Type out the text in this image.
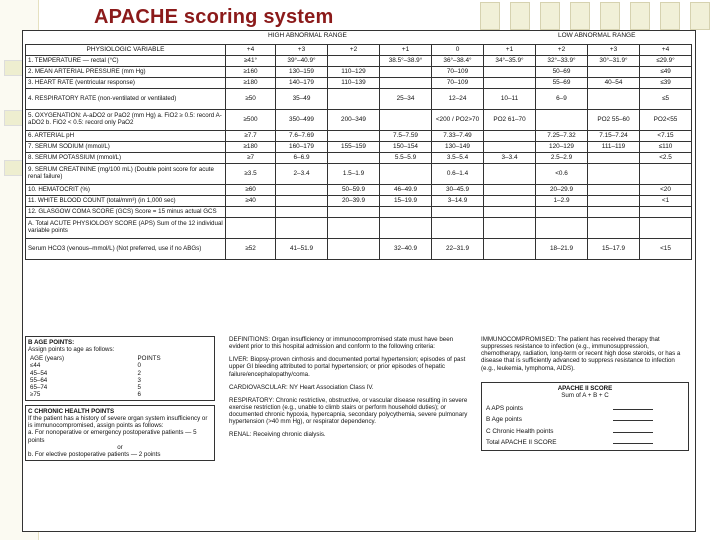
APACHE scoring system
HIGH ABNORMAL RANGE	LOW ABNORMAL RANGE
PHYSIOLOGIC VARIABLE	+4	+3	+2	+1	0	+1	+2	+3	+4
1. TEMPERATURE — rectal (°C)	≥41°	39°–40.9°		38.5°–38.9°	36°–38.4°	34°–35.9°	32°–33.9°	30°–31.9°	≤29.9°
2. MEAN ARTERIAL PRESSURE (mm Hg)	≥160	130–159	110–129		70–109		50–69		≤49
3. HEART RATE (ventricular response)	≥180	140–179	110–139		70–109		55–69	40–54	≤39
4. RESPIRATORY RATE (non-ventilated or ventilated)	≥50	35–49		25–34	12–24	10–11	6–9		≤5
5. OXYGENATION: A-aDO2 or PaO2 (mm Hg) a. FiO2 ≥ 0.5: record A-aDO2 b. FiO2 < 0.5: record only PaO2	≥500	350–499	200–349		<200 / PO2>70	PO2 61–70		PO2 55–60	PO2<55
6. ARTERIAL pH	≥7.7	7.6–7.69		7.5–7.59	7.33–7.49		7.25–7.32	7.15–7.24	<7.15
7. SERUM SODIUM (mmol/L)	≥180	160–179	155–159	150–154	130–149		120–129	111–119	≤110
8. SERUM POTASSIUM (mmol/L)	≥7	6–6.9		5.5–5.9	3.5–5.4	3–3.4	2.5–2.9		<2.5
9. SERUM CREATININE (mg/100 mL) (Double point score for acute renal failure)	≥3.5	2–3.4	1.5–1.9		0.6–1.4		<0.6		
10. HEMATOCRIT (%)	≥60		50–59.9	46–49.9	30–45.9		20–29.9		<20
11. WHITE BLOOD COUNT (total/mm³) (in 1,000 sec)	≥40		20–39.9	15–19.9	3–14.9		1–2.9		<1
12. GLASGOW COMA SCORE (GCS) Score = 15 minus actual GCS									
A. Total ACUTE PHYSIOLOGY SCORE (APS) Sum of the 12 individual variable points									
Serum HCO3 (venous–mmol/L) (Not preferred, use if no ABGs)	≥52	41–51.9		32–40.9	22–31.9		18–21.9	15–17.9	<15
B AGE POINTS:
Assign points to age as follows:
AGE (years)	POINTS
≤44	0
45–54	2
55–64	3
65–74	5
≥75	6
C CHRONIC HEALTH POINTS
If the patient has a history of severe organ system insufficiency or is immunocompromised, assign points as follows:
a. For nonoperative or emergency postoperative patients — 5 points
or
b. For elective postoperative patients — 2 points
DEFINITIONS: Organ insufficiency or immunocompromised state must have been evident prior to this hospital admission and conform to the following criteria:
LIVER: Biopsy-proven cirrhosis and documented portal hypertension; episodes of past upper GI bleeding attributed to portal hypertension; or prior episodes of hepatic failure/encephalopathy/coma.
CARDIOVASCULAR: NY Heart Association Class IV.
RESPIRATORY: Chronic restrictive, obstructive, or vascular disease resulting in severe exercise restriction (e.g., unable to climb stairs or perform household duties); or documented chronic hypoxia, hypercapnia, secondary polycythemia, severe pulmonary hypertension (>40 mm Hg), or respirator dependency.
RENAL: Receiving chronic dialysis.
IMMUNOCOMPROMISED: The patient has received therapy that suppresses resistance to infection (e.g., immunosuppression, chemotherapy, radiation, long-term or recent high dose steroids, or has a disease that is sufficiently advanced to suppress resistance to infection (e.g., leukemia, lymphoma, AIDS).
APACHE II SCORE
Sum of A + B + C
A APS points	
B Age points	
C Chronic Health points	
Total APACHE II SCORE	
